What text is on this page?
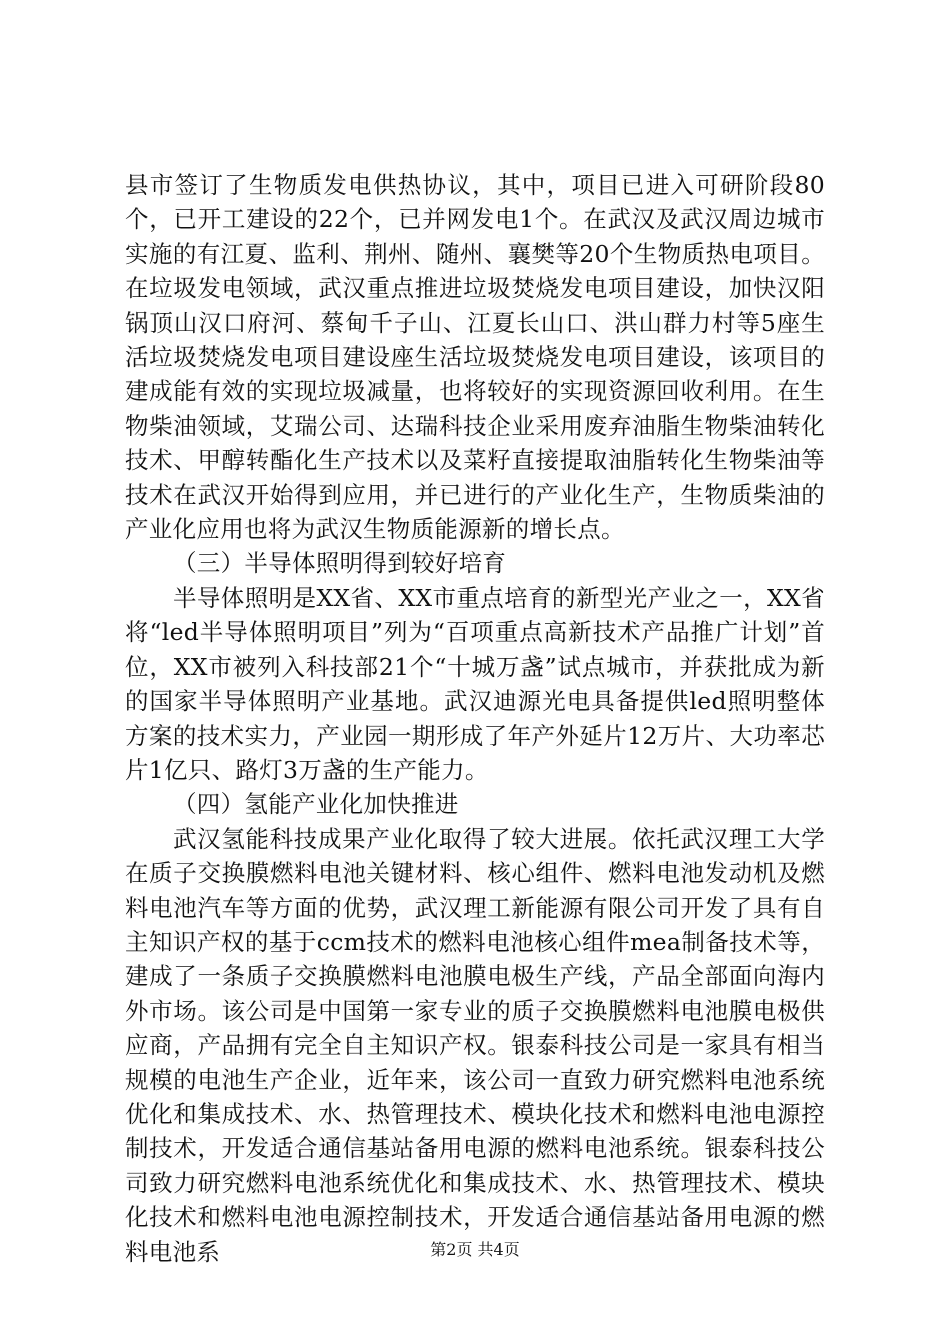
县市签订了生物质发电供热协议，其中，项目已进入可研阶段80个，已开工建设的22个，已并网发电1个。在武汉及武汉周边城市实施的有江夏、监利、荆州、随州、襄樊等20个生物质热电项目。在垃圾发电领域，武汉重点推进垃圾焚烧发电项目建设，加快汉阳锅顶山汉口府河、蔡甸千子山、江夏长山口、洪山群力村等5座生活垃圾焚烧发电项目建设座生活垃圾焚烧发电项目建设，该项目的建成能有效的实现垃圾减量，也将较好的实现资源回收利用。在生物柴油领域，艾瑞公司、达瑞科技企业采用废弃油脂生物柴油转化技术、甲醇转酯化生产技术以及菜籽直接提取油脂转化生物柴油等技术在武汉开始得到应用，并已进行的产业化生产，生物质柴油的产业化应用也将为武汉生物质能源新的增长点。

（三）半导体照明得到较好培育

半导体照明是XX省、XX市重点培育的新型光产业之一，XX省将“led半导体照明项目”列为“百项重点高新技术产品推广计划”首位，XX市被列入科技部21个“十城万盏”试点城市，并获批成为新的国家半导体照明产业基地。武汉迪源光电具备提供led照明整体方案的技术实力，产业园一期形成了年产外延片12万片、大功率芯片1亿只、路灯3万盏的生产能力。

（四）氢能产业化加快推进

武汉氢能科技成果产业化取得了较大进展。依托武汉理工大学在质子交换膜燃料电池关键材料、核心组件、燃料电池发动机及燃料电池汽车等方面的优势，武汉理工新能源有限公司开发了具有自主知识产权的基于ccm技术的燃料电池核心组件mea制备技术等，建成了一条质子交换膜燃料电池膜电极生产线，产品全部面向海内外市场。该公司是中国第一家专业的质子交换膜燃料电池膜电极供应商，产品拥有完全自主知识产权。银泰科技公司是一家具有相当规模的电池生产企业，近年来，该公司一直致力研究燃料电池系统优化和集成技术、水、热管理技术、模块化技术和燃料电池电源控制技术，开发适合通信基站备用电源的燃料电池系统。银泰科技公司致力研究燃料电池系统优化和集成技术、水、热管理技术、模块化技术和燃料电池电源控制技术，开发适合通信基站备用电源的燃料电池系	第2页 共4页
